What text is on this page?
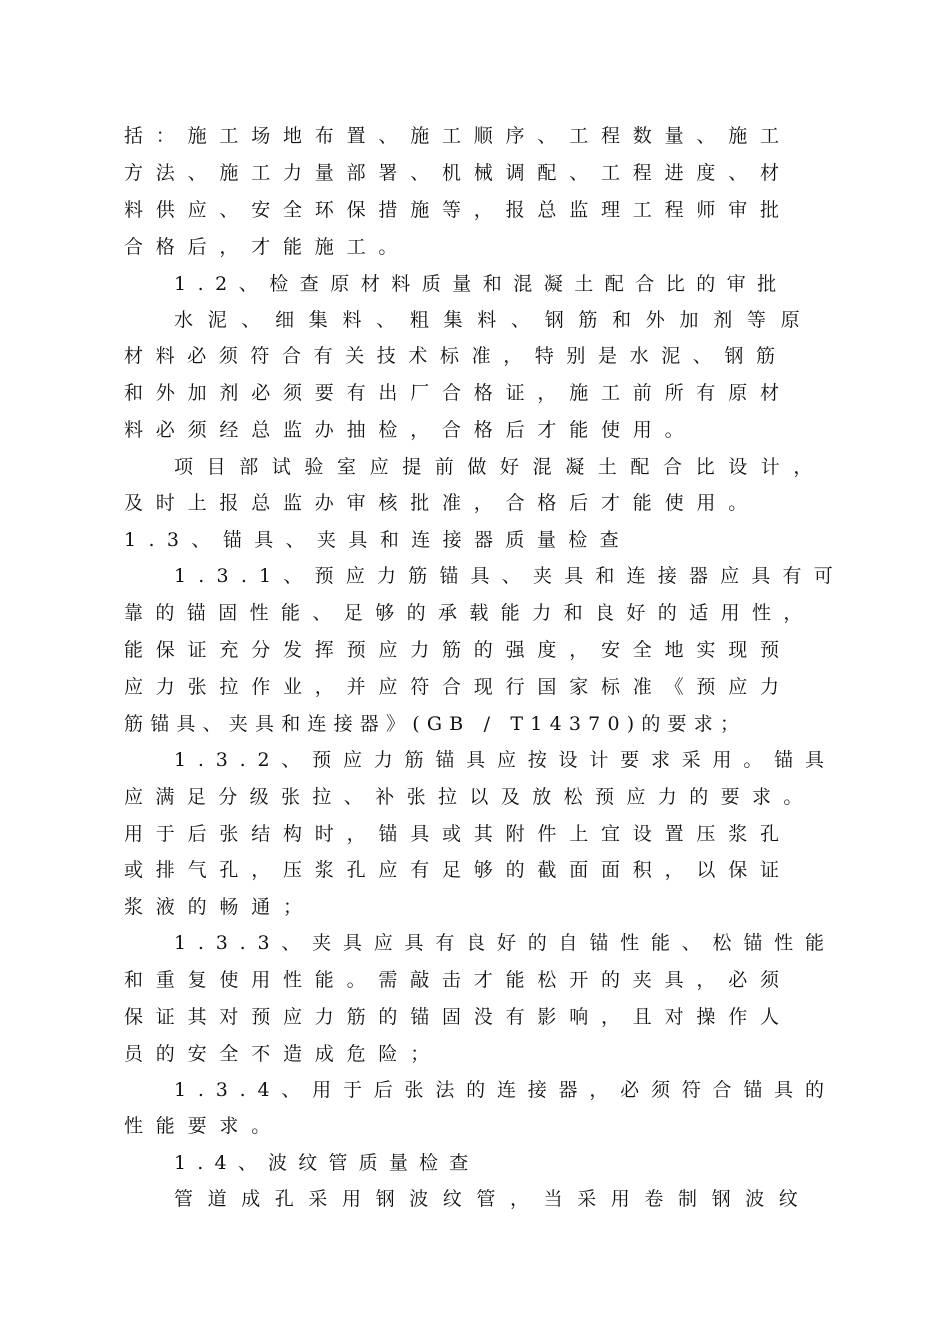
括：施工场地布置、施工顺序、工程数量、施工
方法、施工力量部署、机械调配、工程进度、材
料供应、安全环保措施等，报总监理工程师审批
合格后，才能施工。
1.2、检查原材料质量和混凝土配合比的审批
水泥、细集料、粗集料、钢筋和外加剂等原
材料必须符合有关技术标准，特别是水泥、钢筋
和外加剂必须要有出厂合格证，施工前所有原材
料必须经总监办抽检，合格后才能使用。
项目部试验室应提前做好混凝土配合比设计，
及时上报总监办审核批准，合格后才能使用。
1.3、锚具、夹具和连接器质量检查
1.3.1、预应力筋锚具、夹具和连接器应具有可
靠的锚固性能、足够的承载能力和良好的适用性，
能保证充分发挥预应力筋的强度，安全地实现预
应力张拉作业，并应符合现行国家标准《预应力
筋锚具、夹具和连接器》(GB / T14370)的要求；
1.3.2、预应力筋锚具应按设计要求采用。锚具
应满足分级张拉、补张拉以及放松预应力的要求。
用于后张结构时，锚具或其附件上宜设置压浆孔
或排气孔，压浆孔应有足够的截面面积，以保证
浆液的畅通；
1.3.3、夹具应具有良好的自锚性能、松锚性能
和重复使用性能。需敲击才能松开的夹具，必须
保证其对预应力筋的锚固没有影响，且对操作人
员的安全不造成危险；
1.3.4、用于后张法的连接器，必须符合锚具的
性能要求。
1.4、波纹管质量检查
管道成孔采用钢波纹管，当采用卷制钢波纹
